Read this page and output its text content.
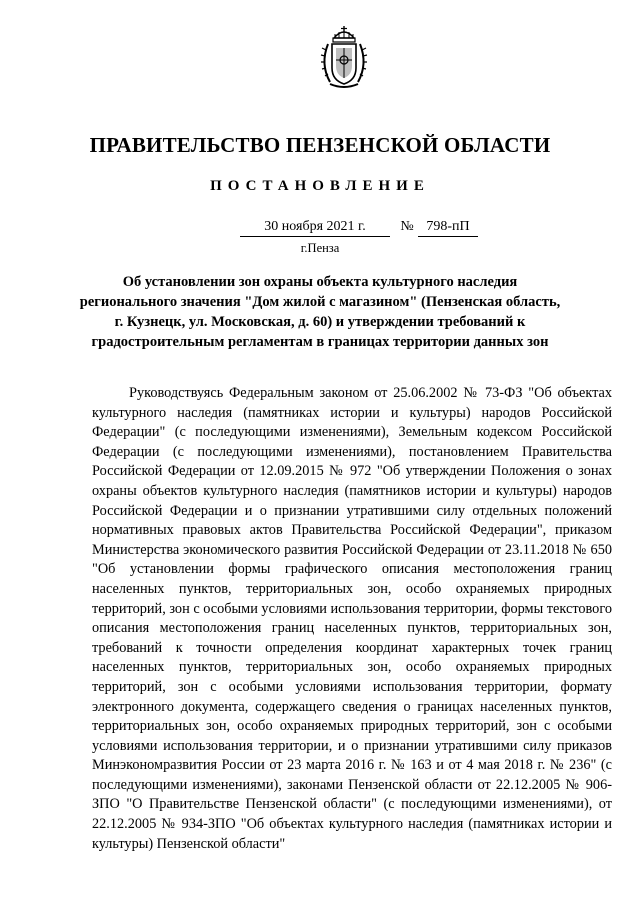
ПРАВИТЕЛЬСТВО ПЕНЗЕНСКОЙ ОБЛАСТИ
ПОСТАНОВЛЕНИЕ
30 ноября 2021 г.	№ 798-пП
г.Пенза
Об установлении зон охраны объекта культурного наследия
регионального значения "Дом жилой с магазином" (Пензенская область,
г. Кузнецк, ул. Московская, д. 60) и утверждении требований к
градостроительным регламентам в границах территории данных зон
Руководствуясь Федеральным законом от 25.06.2002 № 73-ФЗ "Об объектах культурного наследия (памятниках истории и культуры) народов Российской Федерации" (с последующими изменениями), Земельным кодексом Российской Федерации (с последующими изменениями), постановлением Правительства Российской Федерации от 12.09.2015 № 972 "Об утверждении Положения о зонах охраны объектов культурного наследия (памятников истории и культуры) народов Российской Федерации и о признании утратившими силу отдельных положений нормативных правовых актов Правительства Российской Федерации", приказом Министерства экономического развития Российской Федерации от 23.11.2018 № 650 "Об установлении формы графического описания местоположения границ населенных пунктов, территориальных зон, особо охраняемых природных территорий, зон с особыми условиями использования территории, формы текстового описания местоположения границ населенных пунктов, территориальных зон, требований к точности определения координат характерных точек границ населенных пунктов, территориальных зон, особо охраняемых природных территорий, зон с особыми условиями использования территории, формату электронного документа, содержащего сведения о границах населенных пунктов, территориальных зон, особо охраняемых природных территорий, зон с особыми условиями использования территории, и о признании утратившими силу приказов Минэкономразвития России от 23 марта 2016 г. № 163 и от 4 мая 2018 г. № 236" (с последующими изменениями), законами Пензенской области от 22.12.2005 № 906-ЗПО "О Правительстве Пензенской области" (с последующими изменениями), от 22.12.2005 № 934-ЗПО "Об объектах культурного наследия (памятниках истории и культуры) Пензенской области"
